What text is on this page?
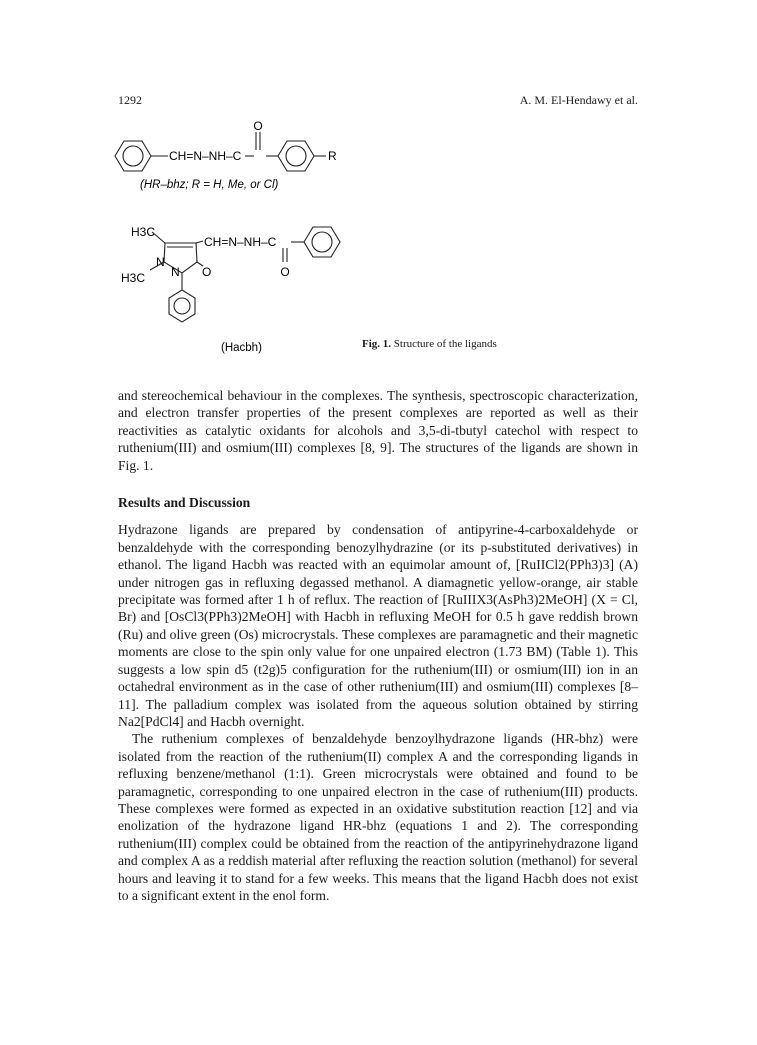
1292	A. M. El-Hendawy et al.
O
CH=N–NH–C	R
(HR–bhz; R = H, Me, or Cl)
H3C
CH=N–NH–C
N
N O	O
H3C
(Hacbh)	Fig. 1. Structure of the ligands

and stereochemical behaviour in the complexes. The synthesis, spectroscopic characterization, and electron transfer properties of the present complexes are reported as well as their reactivities as catalytic oxidants for alcohols and 3,5-di-tbutyl catechol with respect to ruthenium(III) and osmium(III) complexes [8, 9]. The structures of the ligands are shown in Fig. 1.

Results and Discussion

Hydrazone ligands are prepared by condensation of antipyrine-4-carboxaldehyde or benzaldehyde with the corresponding benozylhydrazine (or its p-substituted derivatives) in ethanol. The ligand Hacbh was reacted with an equimolar amount of, [RuIICl2(PPh3)3] (A) under nitrogen gas in refluxing degassed methanol. A diamagnetic yellow-orange, air stable precipitate was formed after 1 h of reflux. The reaction of [RuIIIX3(AsPh3)2MeOH] (X = Cl, Br) and [OsCl3(PPh3)2MeOH] with Hacbh in refluxing MeOH for 0.5 h gave reddish brown (Ru) and olive green (Os) microcrystals. These complexes are paramagnetic and their magnetic moments are close to the spin only value for one unpaired electron (1.73 BM) (Table 1). This suggests a low spin d5 (t2g)5 configuration for the ruthenium(III) or osmium(III) ion in an octahedral environment as in the case of other ruthenium(III) and osmium(III) complexes [8–11]. The palladium complex was isolated from the aqueous solution obtained by stirring Na2[PdCl4] and Hacbh overnight.

The ruthenium complexes of benzaldehyde benzoylhydrazone ligands (HR-bhz) were isolated from the reaction of the ruthenium(II) complex A and the corresponding ligands in refluxing benzene/methanol (1:1). Green microcrystals were obtained and found to be paramagnetic, corresponding to one unpaired electron in the case of ruthenium(III) products. These complexes were formed as expected in an oxidative substitution reaction [12] and via enolization of the hydrazone ligand HR-bhz (equations 1 and 2). The corresponding ruthenium(III) complex could be obtained from the reaction of the antipyrinehydrazone ligand and complex A as a reddish material after refluxing the reaction solution (methanol) for several hours and leaving it to stand for a few weeks. This means that the ligand Hacbh does not exist to a significant extent in the enol form.
